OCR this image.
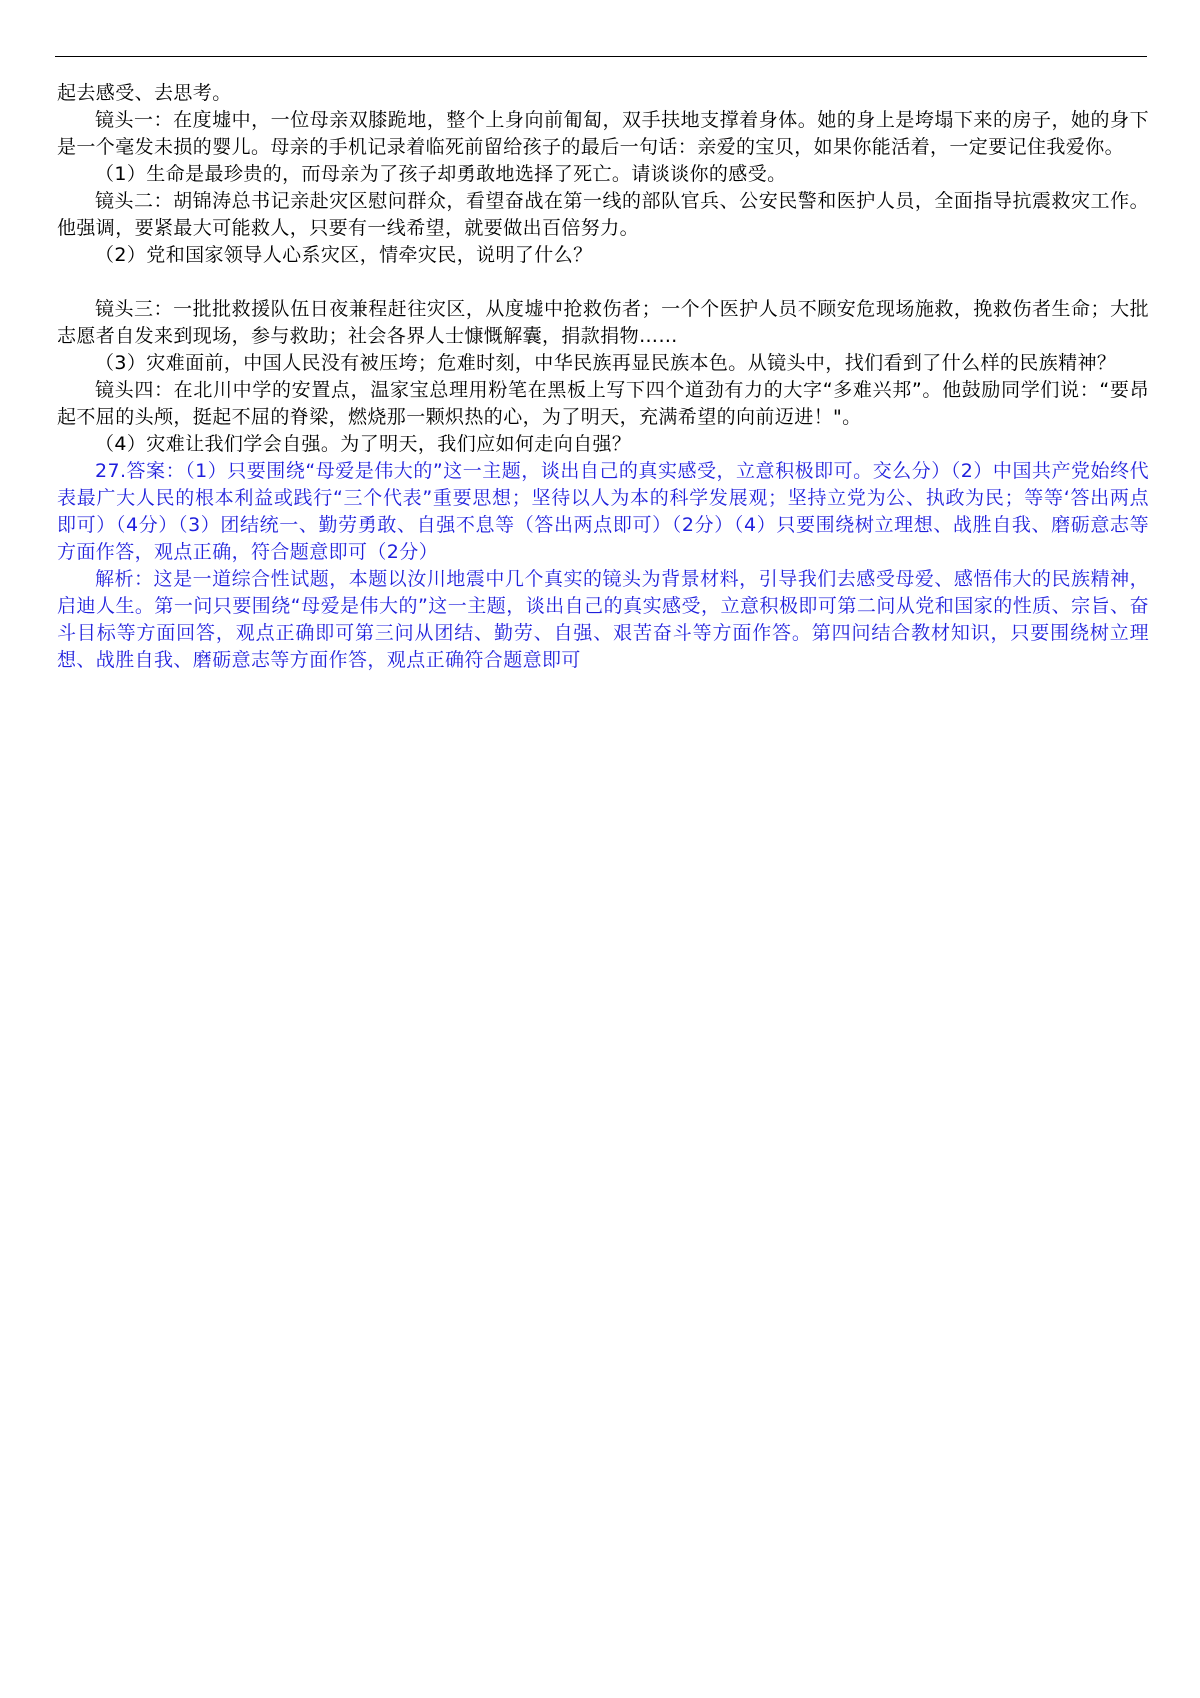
起去感受、去思考。

镜头一：在度墟中，一位母亲双膝跪地，整个上身向前匍匐，双手扶地支撑着身体。她的身上是垮塌下来的房子，她的身下是一个毫发未损的婴儿。母亲的手机记录着临死前留给孩子的最后一句话：亲爱的宝贝，如果你能活着，一定要记住我爱你。

（1）生命是最珍贵的，而母亲为了孩子却勇敢地选择了死亡。请谈谈你的感受。

镜头二：胡锦涛总书记亲赴灾区慰问群众，看望奋战在第一线的部队官兵、公安民警和医护人员，全面指导抗震救灾工作。他强调，要紧最大可能救人，只要有一线希望，就要做出百倍努力。

（2）党和国家领导人心系灾区，情牵灾民，说明了什么？

镜头三：一批批救援队伍日夜兼程赶往灾区，从度墟中抢救伤者；一个个医护人员不顾安危现场施救，挽救伤者生命；大批志愿者自发来到现场，参与救助；社会各界人士慷慨解囊，捐款捐物……

（3）灾难面前，中国人民没有被压垮；危难时刻，中华民族再显民族本色。从镜头中，找们看到了什么样的民族精神？

镜头四：在北川中学的安置点，温家宝总理用粉笔在黑板上写下四个道劲有力的大字“多难兴邦”。他鼓励同学们说：“要昂起不屈的头颅，挺起不屈的脊梁，燃烧那一颗炽热的心，为了明天，充满希望的向前迈进！"。

（4）灾难让我们学会自强。为了明天，我们应如何走向自强？

27.答案：（1）只要围绕“母爱是伟大的”这一主题，谈出自己的真实感受，立意积极即可。交么分）（2）中国共产党始终代表最广大人民的根本利益或践行“三个代表”重要思想；坚待以人为本的科学发展观；坚持立党为公、执政为民；等等‘答出两点即可）（4分）（3）团结统一、勤劳勇敢、自强不息等（答出两点即可）（2分）（4）只要围绕树立理想、战胜自我、磨砺意志等方面作答，观点正确，符合题意即可（2分）

解析：这是一道综合性试题，本题以汝川地震中几个真实的镜头为背景材料，引导我们去感受母爱、感悟伟大的民族精神，启迪人生。第一问只要围绕“母爱是伟大的”这一主题，谈出自己的真实感受，立意积极即可第二问从党和国家的性质、宗旨、奋斗目标等方面回答，观点正确即可第三问从团结、勤劳、自强、艰苦奋斗等方面作答。第四问结合教材知识，只要围绕树立理想、战胜自我、磨砺意志等方面作答，观点正确符合题意即可
